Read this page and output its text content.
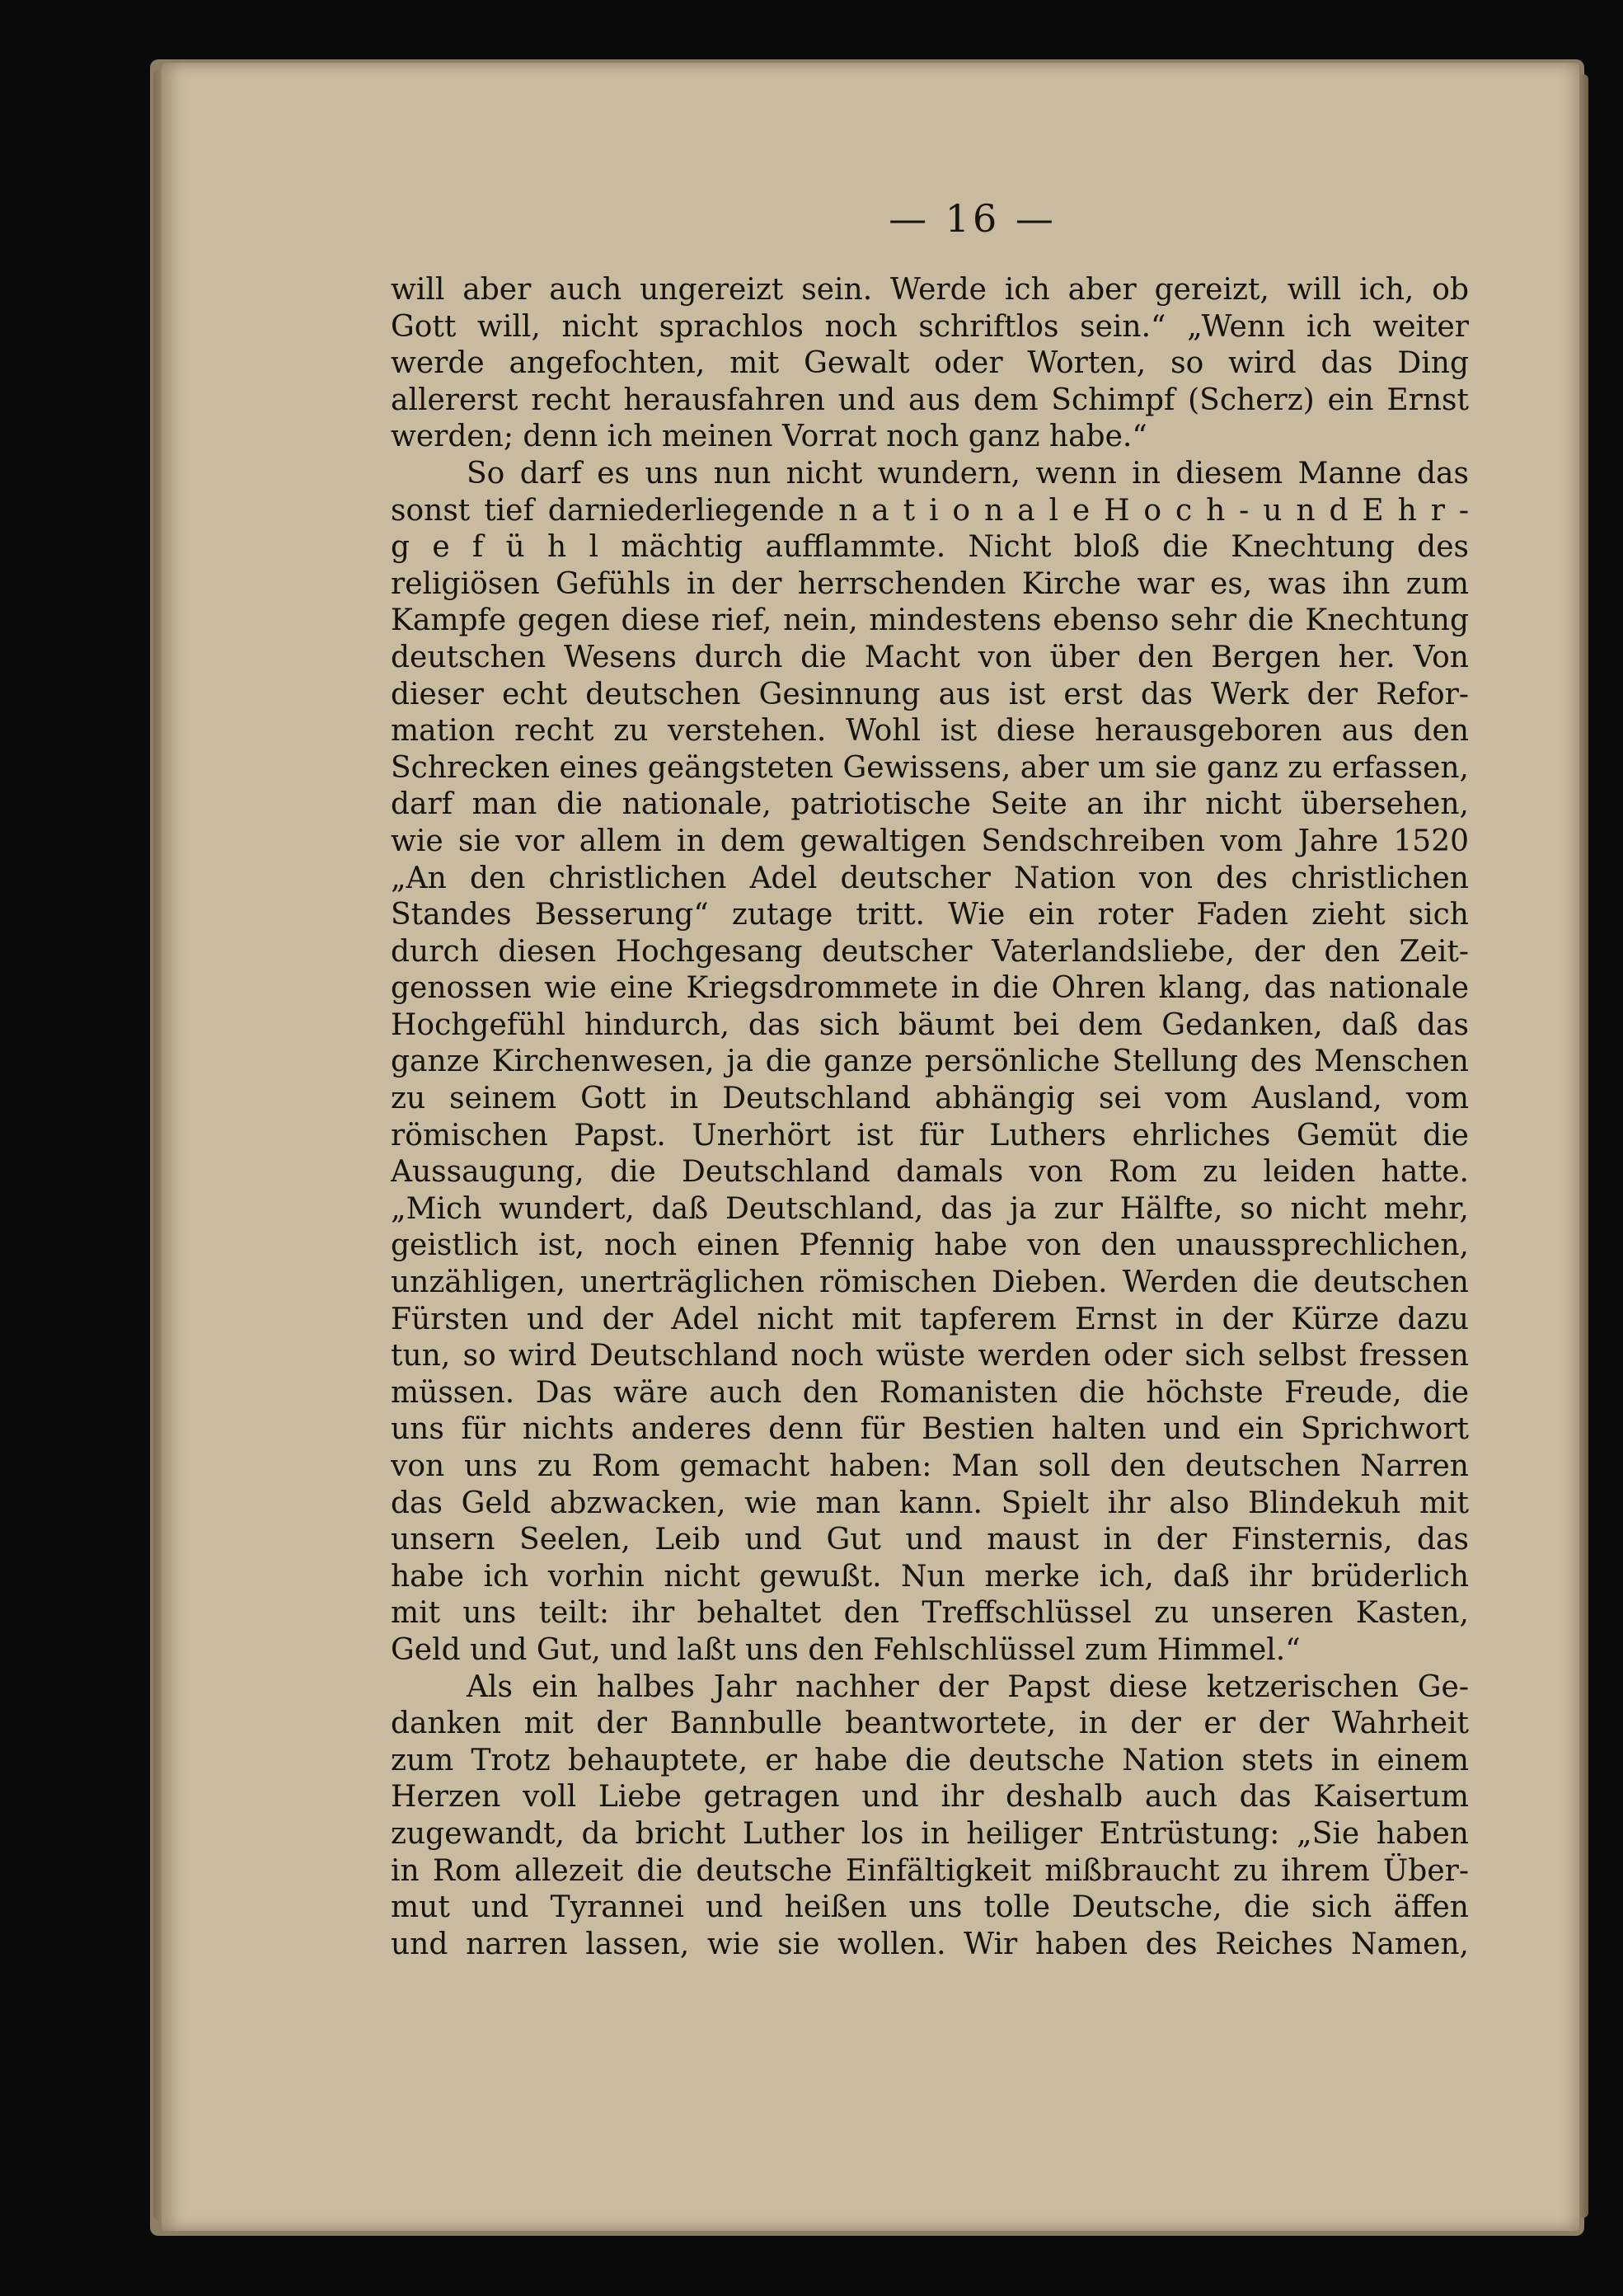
— 16 —
will aber auch ungereizt sein. Werde ich aber gereizt, will ich, ob
Gott will, nicht sprachlos noch schriftlos sein.“ „Wenn ich weiter
werde angefochten, mit Gewalt oder Worten, so wird das Ding
allererst recht herausfahren und aus dem Schimpf (Scherz) ein Ernst
werden; denn ich meinen Vorrat noch ganz habe.“
So darf es uns nun nicht wundern, wenn in diesem Manne das
sonst tief darniederliegende n a t i o n a l e H o c h - u n d E h r -
g e f ü h l mächtig aufflammte. Nicht bloß die Knechtung des
religiösen Gefühls in der herrschenden Kirche war es, was ihn zum
Kampfe gegen diese rief, nein, mindestens ebenso sehr die Knechtung
deutschen Wesens durch die Macht von über den Bergen her. Von
dieser echt deutschen Gesinnung aus ist erst das Werk der Refor-
mation recht zu verstehen. Wohl ist diese herausgeboren aus den
Schrecken eines geängsteten Gewissens, aber um sie ganz zu erfassen,
darf man die nationale, patriotische Seite an ihr nicht übersehen,
wie sie vor allem in dem gewaltigen Sendschreiben vom Jahre 1520
„An den christlichen Adel deutscher Nation von des christlichen
Standes Besserung“ zutage tritt. Wie ein roter Faden zieht sich
durch diesen Hochgesang deutscher Vaterlandsliebe, der den Zeit-
genossen wie eine Kriegsdrommete in die Ohren klang, das nationale
Hochgefühl hindurch, das sich bäumt bei dem Gedanken, daß das
ganze Kirchenwesen, ja die ganze persönliche Stellung des Menschen
zu seinem Gott in Deutschland abhängig sei vom Ausland, vom
römischen Papst. Unerhört ist für Luthers ehrliches Gemüt die
Aussaugung, die Deutschland damals von Rom zu leiden hatte.
„Mich wundert, daß Deutschland, das ja zur Hälfte, so nicht mehr,
geistlich ist, noch einen Pfennig habe von den unaussprechlichen,
unzähligen, unerträglichen römischen Dieben. Werden die deutschen
Fürsten und der Adel nicht mit tapferem Ernst in der Kürze dazu
tun, so wird Deutschland noch wüste werden oder sich selbst fressen
müssen. Das wäre auch den Romanisten die höchste Freude, die
uns für nichts anderes denn für Bestien halten und ein Sprichwort
von uns zu Rom gemacht haben: Man soll den deutschen Narren
das Geld abzwacken, wie man kann. Spielt ihr also Blindekuh mit
unsern Seelen, Leib und Gut und maust in der Finsternis, das
habe ich vorhin nicht gewußt. Nun merke ich, daß ihr brüderlich
mit uns teilt: ihr behaltet den Treffschlüssel zu unseren Kasten,
Geld und Gut, und laßt uns den Fehlschlüssel zum Himmel.“
Als ein halbes Jahr nachher der Papst diese ketzerischen Ge-
danken mit der Bannbulle beantwortete, in der er der Wahrheit
zum Trotz behauptete, er habe die deutsche Nation stets in einem
Herzen voll Liebe getragen und ihr deshalb auch das Kaisertum
zugewandt, da bricht Luther los in heiliger Entrüstung: „Sie haben
in Rom allezeit die deutsche Einfältigkeit mißbraucht zu ihrem Über-
mut und Tyrannei und heißen uns tolle Deutsche, die sich äffen
und narren lassen, wie sie wollen. Wir haben des Reiches Namen,
